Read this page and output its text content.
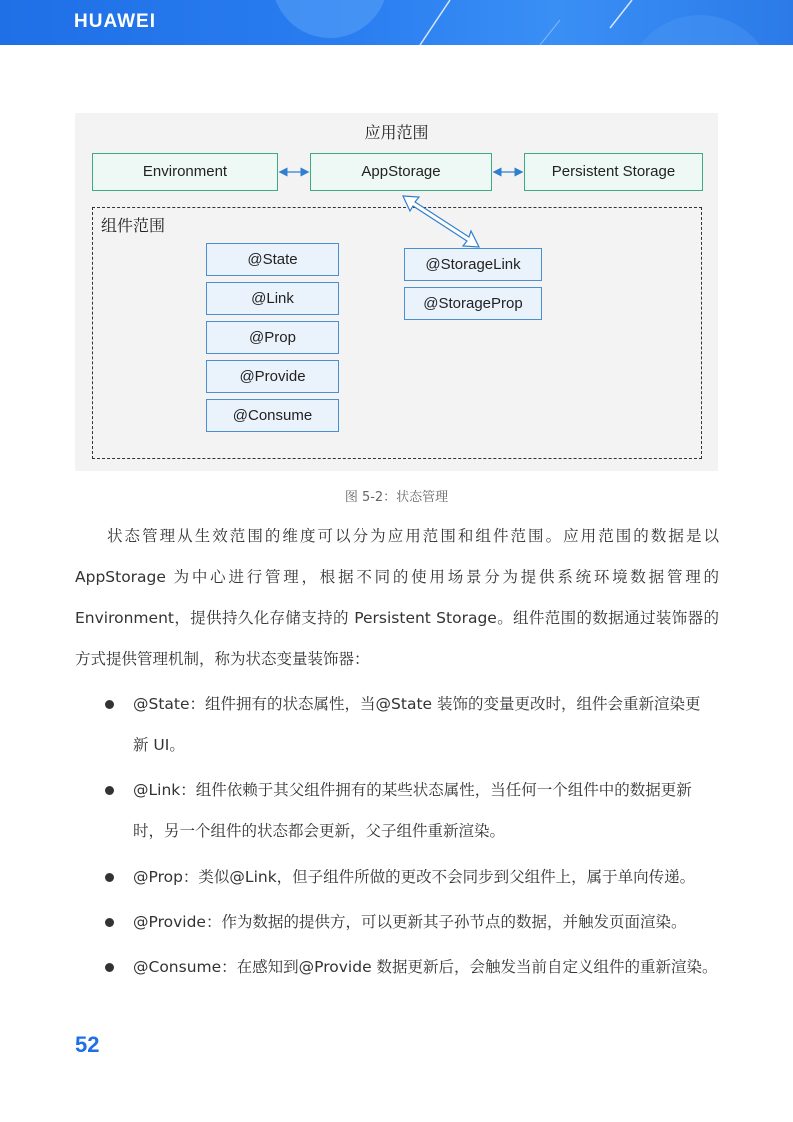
HUAWEI
应用范围
Environment	AppStorage	Persistent Storage
组件范围
@State
@Link
@Prop
@Provide
@Consume
@StorageLink
@StorageProp
图 5-2：状态管理
状态管理从生效范围的维度可以分为应用范围和组件范围。应用范围的数据是以
AppStorage 为中心进行管理，根据不同的使用场景分为提供系统环境数据管理的
Environment，提供持久化存储支持的 Persistent Storage。组件范围的数据通过装饰器的
方式提供管理机制，称为状态变量装饰器：
@State：组件拥有的状态属性，当@State 装饰的变量更改时，组件会重新渲染更
新 UI。
@Link：组件依赖于其父组件拥有的某些状态属性，当任何一个组件中的数据更新
时，另一个组件的状态都会更新，父子组件重新渲染。
@Prop：类似@Link，但子组件所做的更改不会同步到父组件上，属于单向传递。
@Provide：作为数据的提供方，可以更新其子孙节点的数据，并触发页面渲染。
@Consume：在感知到@Provide 数据更新后，会触发当前自定义组件的重新渲染。
52
